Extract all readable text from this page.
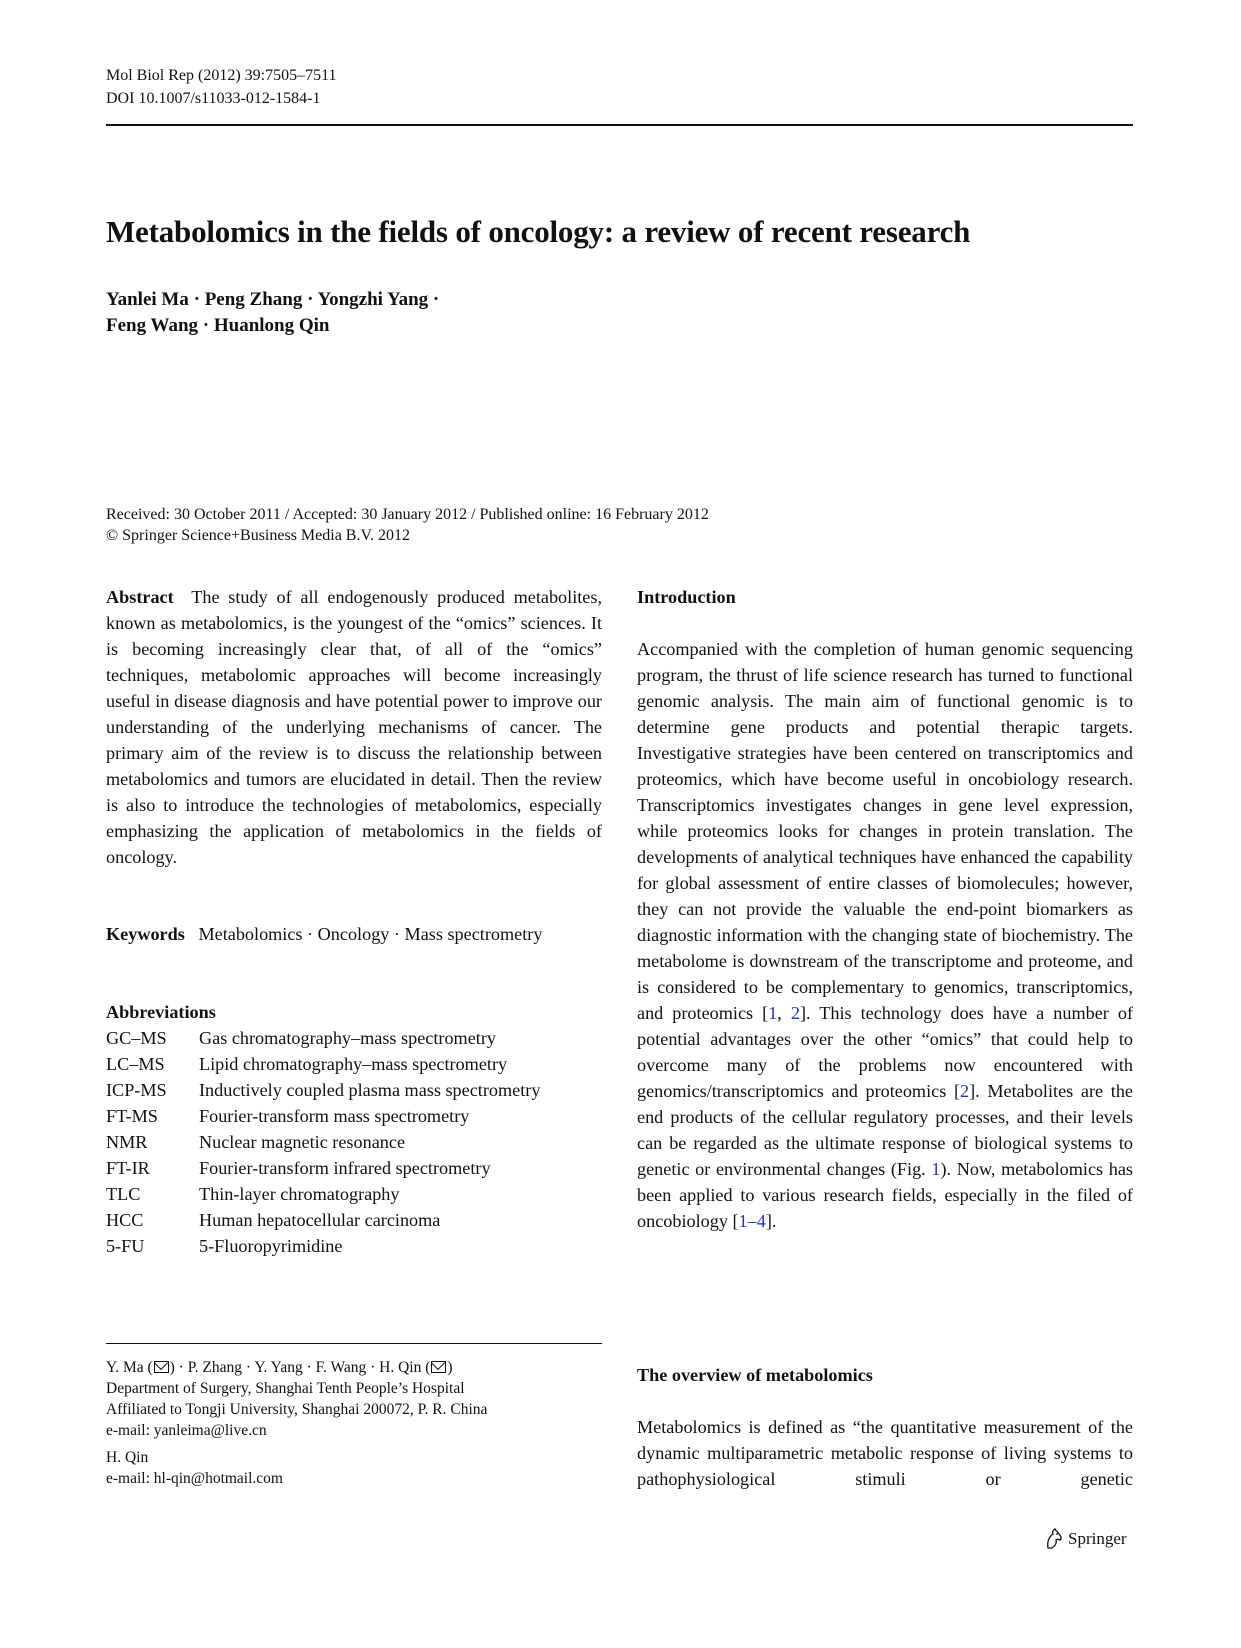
Mol Biol Rep (2012) 39:7505–7511
DOI 10.1007/s11033-012-1584-1
Metabolomics in the fields of oncology: a review of recent research
Yanlei Ma · Peng Zhang · Yongzhi Yang ·
Feng Wang · Huanlong Qin
Received: 30 October 2011 / Accepted: 30 January 2012 / Published online: 16 February 2012
© Springer Science+Business Media B.V. 2012
Abstract The study of all endogenously produced metabolites, known as metabolomics, is the youngest of the “omics” sciences. It is becoming increasingly clear that, of all of the “omics” techniques, metabolomic approaches will become increasingly useful in disease diagnosis and have potential power to improve our understanding of the underlying mechanisms of cancer. The primary aim of the review is to discuss the relationship between metabolomics and tumors are elucidated in detail. Then the review is also to introduce the technologies of metabolomics, especially emphasizing the application of metabolomics in the fields of oncology.
Keywords Metabolomics · Oncology · Mass spectrometry
Abbreviations
GC–MS	Gas chromatography–mass spectrometry
LC–MS	Lipid chromatography–mass spectrometry
ICP-MS	Inductively coupled plasma mass spectrometry
FT-MS	Fourier-transform mass spectrometry
NMR	Nuclear magnetic resonance
FT-IR	Fourier-transform infrared spectrometry
TLC	Thin-layer chromatography
HCC	Human hepatocellular carcinoma
5-FU	5-Fluoropyrimidine
Y. Ma ( ) · P. Zhang · Y. Yang · F. Wang · H. Qin ( )
Department of Surgery, Shanghai Tenth People’s Hospital
Affiliated to Tongji University, Shanghai 200072, P. R. China
e-mail: yanleima@live.cn
H. Qin
e-mail: hl-qin@hotmail.com
Introduction
Accompanied with the completion of human genomic sequencing program, the thrust of life science research has turned to functional genomic analysis. The main aim of functional genomic is to determine gene products and potential therapic targets. Investigative strategies have been centered on transcriptomics and proteomics, which have become useful in oncobiology research. Transcriptomics investigates changes in gene level expression, while proteomics looks for changes in protein translation. The developments of analytical techniques have enhanced the capability for global assessment of entire classes of biomolecules; however, they can not provide the valuable the end-point biomarkers as diagnostic information with the changing state of biochemistry. The metabolome is downstream of the transcriptome and proteome, and is considered to be complementary to genomics, transcriptomics, and proteomics [1, 2]. This technology does have a number of potential advantages over the other “omics” that could help to overcome many of the problems now encountered with genomics/transcriptomics and proteomics [2]. Metabolites are the end products of the cellular regulatory processes, and their levels can be regarded as the ultimate response of biological systems to genetic or environmental changes (Fig. 1). Now, metabolomics has been applied to various research fields, especially in the filed of oncobiology [1–4].
The overview of metabolomics
Metabolomics is defined as “the quantitative measurement of the dynamic multiparametric metabolic response of living systems to pathophysiological stimuli or genetic
Springer
